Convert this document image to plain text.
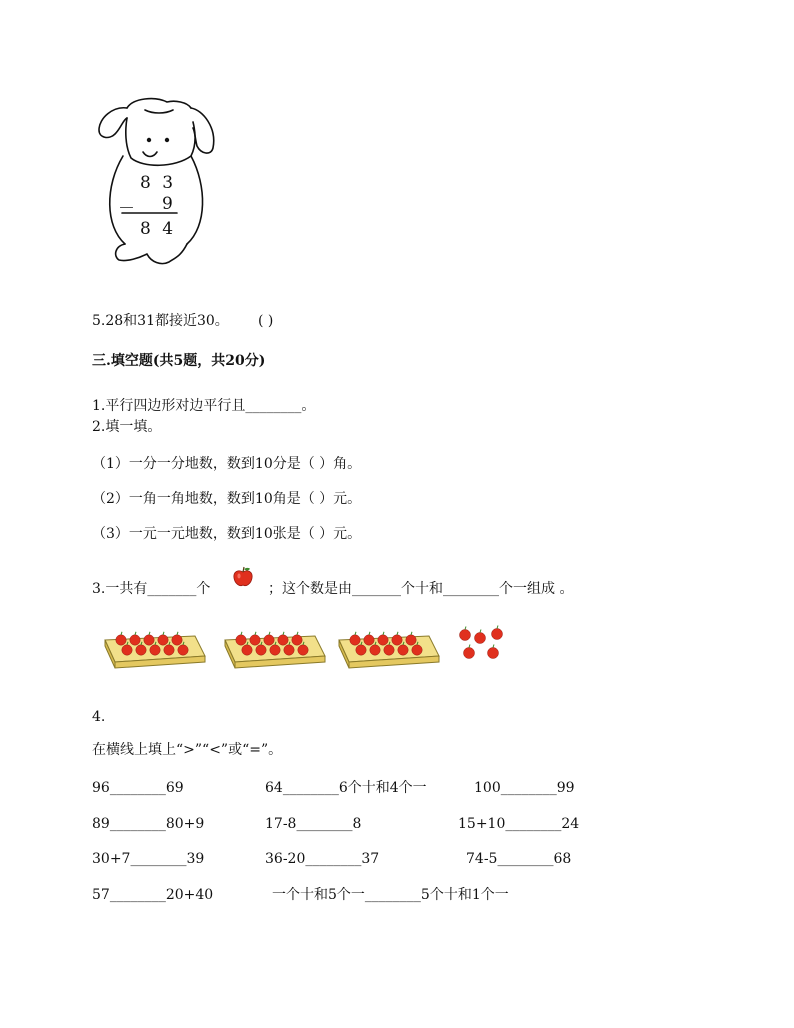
8 3
－ 9
8 4
5.28和31都接近30。 ( )
三.填空题(共5题，共20分)
1.平行四边形对边平行且________。
2.填一填。
（1）一分一分地数，数到10分是（ ）角。
（2）一角一角地数，数到10角是（ ）元。
（3）一元一元地数，数到10张是（ ）元。
3.一共有_______个	；这个数是由_______个十和________个一组成 。
4.
在横线上填上“>”“<”或“=”。
96________69	64________6个十和4个一	100________99
89________80+9	17-8________8	15+10________24
30+7________39	36-20________37	74-5________68
57________20+40	一个十和5个一________5个十和1个一
